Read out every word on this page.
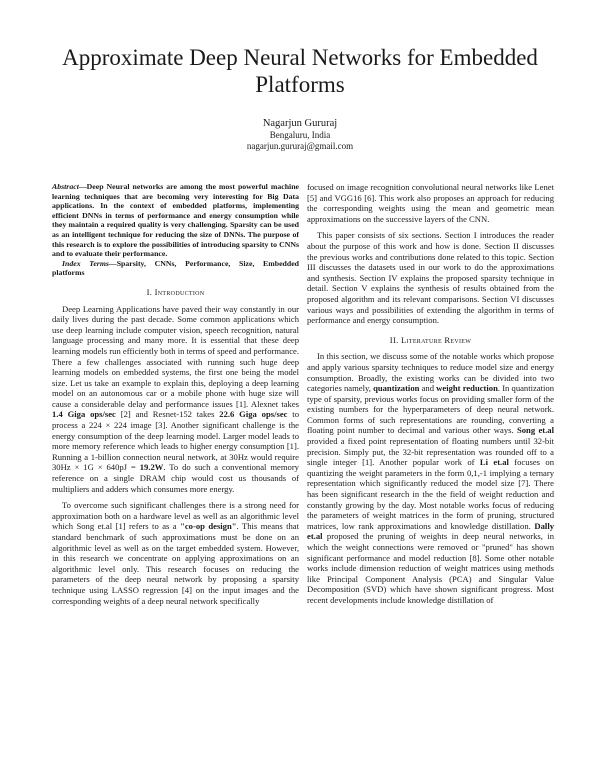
Approximate Deep Neural Networks for Embedded Platforms
Nagarjun Gururaj
Bengaluru, India
nagarjun.gururaj@gmail.com

Abstract—Deep Neural networks are among the most powerful machine learning techniques that are becoming very interesting for Big Data applications. In the context of embedded platforms, implementing efficient DNNs in terms of performance and energy consumption while they maintain a required quality is very challenging. Sparsity can be used as an intelligent technique for reducing the size of DNNs. The purpose of this research is to explore the possibilities of introducing sparsity to CNNs and to evaluate their performance.

Index Terms—Sparsity, CNNs, Performance, Size, Embedded platforms

I. Introduction

Deep Learning Applications have paved their way constantly in our daily lives during the past decade. Some common applications which use deep learning include computer vision, speech recognition, natural language processing and many more. It is essential that these deep learning models run efficiently both in terms of speed and performance. There a few challenges associated with running such huge deep learning models on embedded systems, the first one being the model size. Let us take an example to explain this, deploying a deep learning model on an autonomous car or a mobile phone with huge size will cause a considerable delay and performance issues [1]. Alexnet takes 1.4 Giga ops/sec [2] and Resnet-152 takes 22.6 Giga ops/sec to process a 224 × 224 image [3]. Another significant challenge is the energy consumption of the deep learning model. Larger model leads to more memory reference which leads to higher energy consumption [1]. Running a 1-billion connection neural network, at 30Hz would require 30Hz × 1G × 640pJ = 19.2W. To do such a conventional memory reference on a single DRAM chip would cost us thousands of multipliers and adders which consumes more energy.

To overcome such significant challenges there is a strong need for approximation both on a hardware level as well as an algorithmic level which Song et.al [1] refers to as a "co-op design". This means that standard benchmark of such approximations must be done on an algorithmic level as well as on the target embedded system. However, in this research we concentrate on applying approximations on an algorithmic level only. This research focuses on reducing the parameters of the deep neural network by proposing a sparsity technique using LASSO regression [4] on the input images and the corresponding weights of a deep neural network specifically

focused on image recognition convolutional neural networks like Lenet [5] and VGG16 [6]. This work also proposes an approach for reducing the corresponding weights using the mean and geometric mean approximations on the successive layers of the CNN.

This paper consists of six sections. Section I introduces the reader about the purpose of this work and how is done. Section II discusses the previous works and contributions done related to this topic. Section III discusses the datasets used in our work to do the approximations and synthesis. Section IV explains the proposed sparsity technique in detail. Section V explains the synthesis of results obtained from the proposed algorithm and its relevant comparisons. Section VI discusses various ways and possibilities of extending the algorithm in terms of performance and energy consumption.

II. Literature Review

In this section, we discuss some of the notable works which propose and apply various sparsity techniques to reduce model size and energy consumption. Broadly, the existing works can be divided into two categories namely, quantization and weight reduction. In quantization type of sparsity, previous works focus on providing smaller form of the existing numbers for the hyperparameters of deep neural network. Common forms of such representations are rounding, converting a floating point number to decimal and various other ways. Song et.al provided a fixed point representation of floating numbers until 32-bit precision. Simply put, the 32-bit representation was rounded off to a single integer [1]. Another popular work of Li et.al focuses on quantizing the weight parameters in the form 0,1,-1 implying a ternary representation which significantly reduced the model size [7]. There has been significant research in the the field of weight reduction and constantly growing by the day. Most notable works focus of reducing the parameters of weight matrices in the form of pruning, structured matrices, low rank approximations and knowledge distillation. Dally et.al proposed the pruning of weights in deep neural networks, in which the weight connections were removed or "pruned" has shown significant performance and model reduction [8]. Some other notable works include dimension reduction of weight matrices using methods like Principal Component Analysis (PCA) and Singular Value Decomposition (SVD) which have shown significant progress. Most recent developments include knowledge distillation of
